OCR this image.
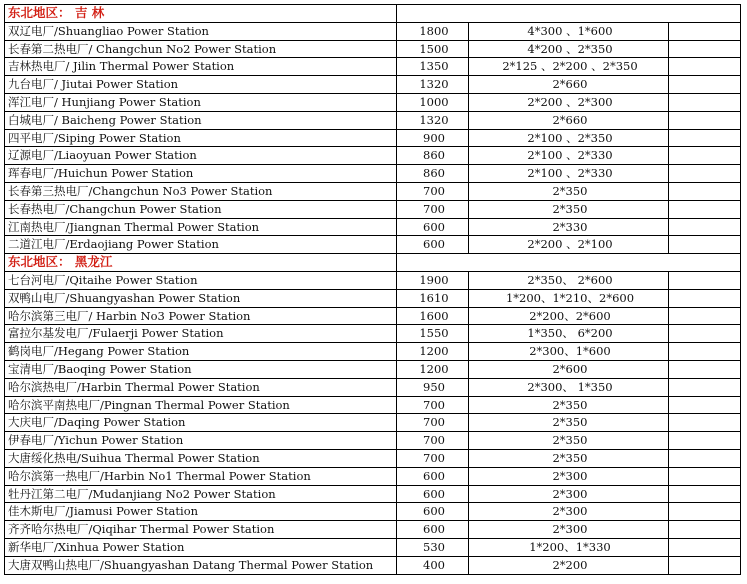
东北地区： 吉 林			
双辽电厂/Shuangliao Power Station	1800	4*300 、1*600	
长春第二热电厂/ Changchun No2 Power Station	1500	4*200 、2*350	
吉林热电厂/ Jilin Thermal Power Station	1350	2*125 、2*200 、2*350	
九台电厂/ Jiutai Power Station	1320	2*660	
浑江电厂/ Hunjiang Power Station	1000	2*200 、2*300	
白城电厂/ Baicheng Power Station	1320	2*660	
四平电厂/Siping Power Station	900	2*100 、2*350	
辽源电厂/Liaoyuan Power Station	860	2*100 、2*330	
珲春电厂/Huichun Power Station	860	2*100 、2*330	
长春第三热电厂/Changchun No3 Power Station	700	2*350	
长春热电厂/Changchun Power Station	700	2*350	
江南热电厂/Jiangnan Thermal Power Station	600	2*330	
二道江电厂/Erdaojiang Power Station	600	2*200 、2*100	
东北地区： 黑龙江			
七台河电厂/Qitaihe Power Station	1900	2*350、 2*600	
双鸭山电厂/Shuangyashan Power Station	1610	1*200、1*210、2*600	
哈尔滨第三电厂/ Harbin No3 Power Station	1600	2*200、2*600	
富拉尔基发电厂/Fulaerji Power Station	1550	1*350、 6*200	
鹤岗电厂/Hegang Power Station	1200	2*300、1*600	
宝清电厂/Baoqing Power Station	1200	2*600	
哈尔滨热电厂/Harbin Thermal Power Station	950	2*300、 1*350	
哈尔滨平南热电厂/Pingnan Thermal Power Station	700	2*350	
大庆电厂/Daqing Power Station	700	2*350	
伊春电厂/Yichun Power Station	700	2*350	
大唐绥化热电/Suihua Thermal Power Station	700	2*350	
哈尔滨第一热电厂/Harbin No1 Thermal Power Station	600	2*300	
牡丹江第二电厂/Mudanjiang No2 Power Station	600	2*300	
佳木斯电厂/Jiamusi Power Station	600	2*300	
齐齐哈尔热电厂/Qiqihar Thermal Power Station	600	2*300	
新华电厂/Xinhua Power Station	530	1*200、1*330	
大唐双鸭山热电厂/Shuangyashan Datang Thermal Power Station	400	2*200	
